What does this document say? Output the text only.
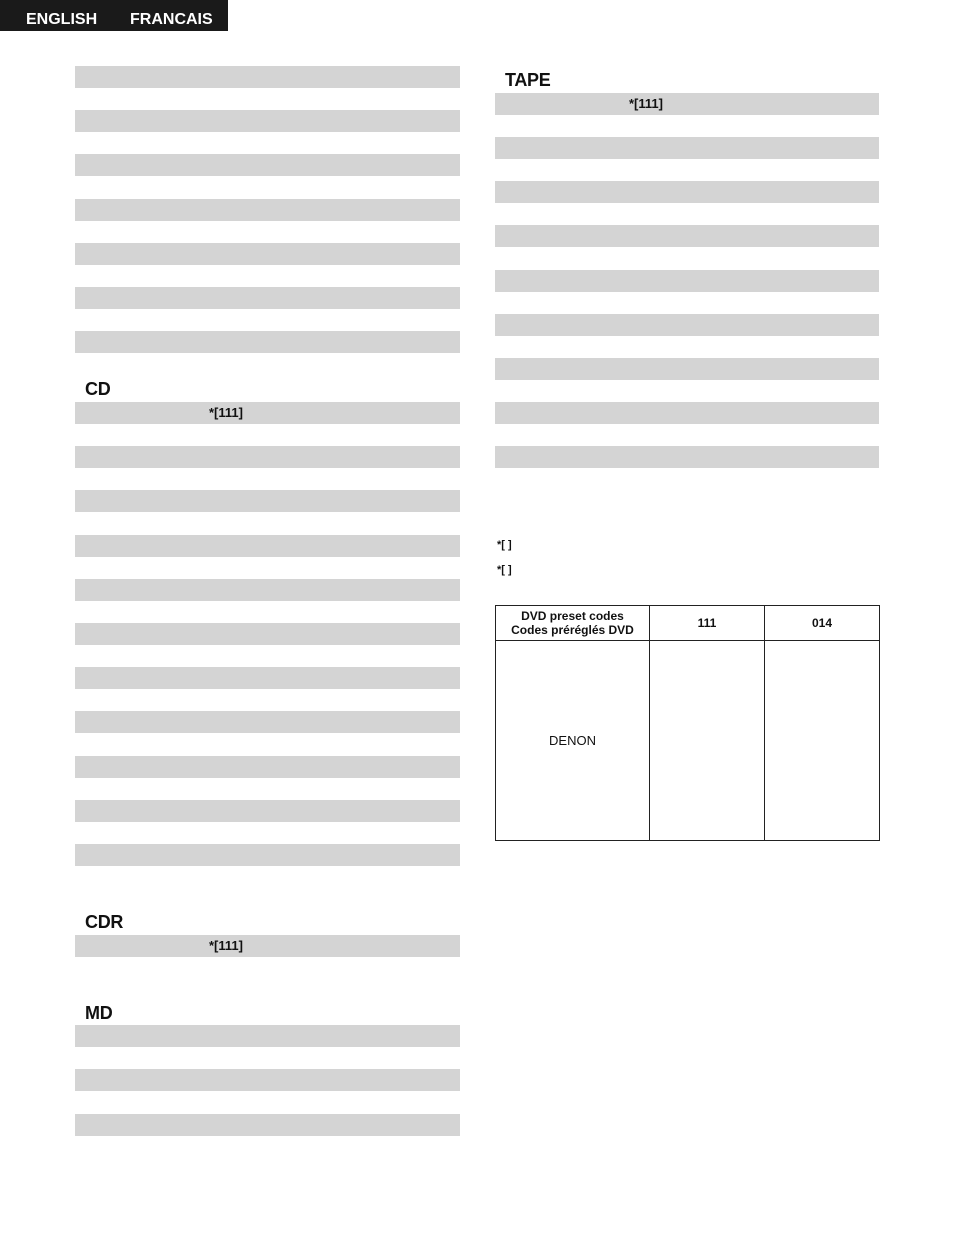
ENGLISH FRANCAIS
CD
*[111]
CDR
*[111]
MD
TAPE
*[111]
*[ ]
*[ ]
DVD preset codes
Codes préréglés DVD	111	014
DENON		
